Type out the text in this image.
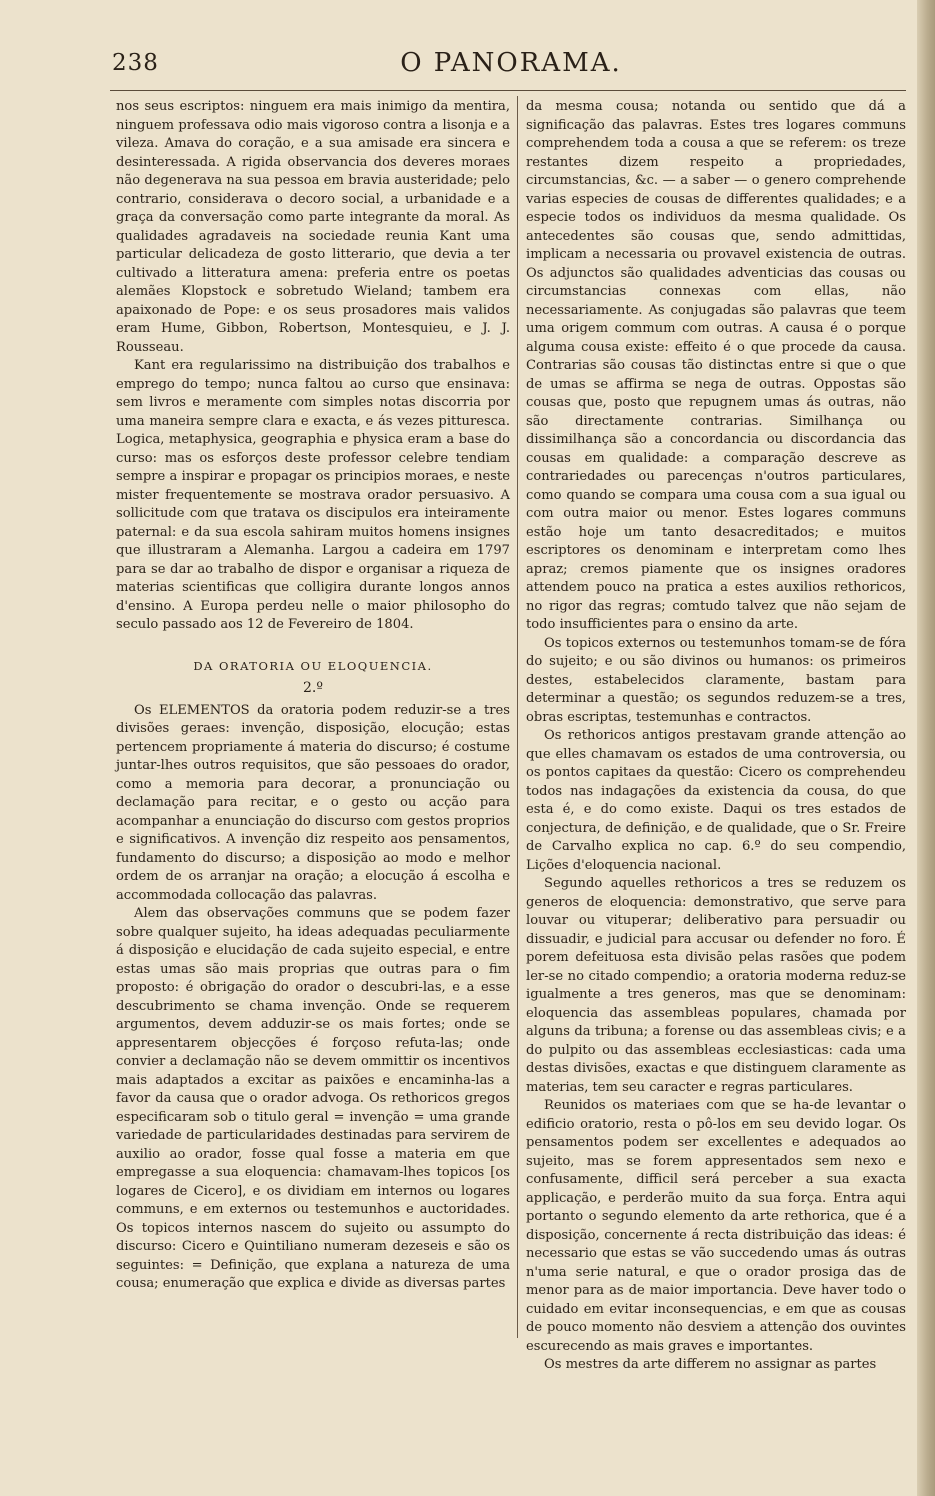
238	O PANORAMA.

nos seus escriptos: ninguem era mais inimigo da mentira, ninguem professava odio mais vigoroso contra a lisonja e a vileza. Amava do coração, e a sua amisade era sincera e desinteressada. A rigida observancia dos deveres moraes não degenerava na sua pessoa em bravia austeridade; pelo contrario, considerava o decoro social, a urbanidade e a graça da conversação como parte integrante da moral. As qualidades agradaveis na sociedade reunia Kant uma particular delicadeza de gosto litterario, que devia a ter cultivado a litteratura amena: preferia entre os poetas alemães Klopstock e sobretudo Wieland; tambem era apaixonado de Pope: e os seus prosadores mais validos eram Hume, Gibbon, Robertson, Montesquieu, e J. J. Rousseau.

Kant era regularissimo na distribuição dos trabalhos e emprego do tempo; nunca faltou ao curso que ensinava: sem livros e meramente com simples notas discorria por uma maneira sempre clara e exacta, e ás vezes pitturesca. Logica, metaphysica, geographia e physica eram a base do curso: mas os esforços deste professor celebre tendiam sempre a inspirar e propagar os principios moraes, e neste mister frequentemente se mostrava orador persuasivo. A sollicitude com que tratava os discipulos era inteiramente paternal: e da sua escola sahiram muitos homens insignes que illustraram a Alemanha. Largou a cadeira em 1797 para se dar ao trabalho de dispor e organisar a riqueza de materias scientificas que colligira durante longos annos d'ensino. A Europa perdeu nelle o maior philosopho do seculo passado aos 12 de Fevereiro de 1804.

DA ORATORIA OU ELOQUENCIA.
2.º

Os ELEMENTOS da oratoria podem reduzir-se a tres divisões geraes: invenção, disposição, elocução; estas pertencem propriamente á materia do discurso; é costume juntar-lhes outros requisitos, que são pessoaes do orador, como a memoria para decorar, a pronunciação ou declamação para recitar, e o gesto ou acção para acompanhar a enunciação do discurso com gestos proprios e significativos. A invenção diz respeito aos pensamentos, fundamento do discurso; a disposição ao modo e melhor ordem de os arranjar na oração; a elocução á escolha e accommodada collocação das palavras.

Alem das observações communs que se podem fazer sobre qualquer sujeito, ha ideas adequadas peculiarmente á disposição e elucidação de cada sujeito especial, e entre estas umas são mais proprias que outras para o fim proposto: é obrigação do orador o descubri-las, e a esse descubrimento se chama invenção. Onde se requerem argumentos, devem adduzir-se os mais fortes; onde se appresentarem objecções é forçoso refuta-las; onde convier a declamação não se devem ommittir os incentivos mais adaptados a excitar as paixões e encaminha-las a favor da causa que o orador advoga. Os rethoricos gregos especificaram sob o titulo geral = invenção = uma grande variedade de particularidades destinadas para servirem de auxilio ao orador, fosse qual fosse a materia em que empregasse a sua eloquencia: chamavam-lhes topicos [os logares de Cicero], e os dividiam em internos ou logares communs, e em externos ou testemunhos e auctoridades. Os topicos internos nascem do sujeito ou assumpto do discurso: Cicero e Quintiliano numeram dezeseis e são os seguintes: = Definição, que explana a natureza de uma cousa; enumeração que explica e divide as diversas partes

da mesma cousa; notanda ou sentido que dá a significação das palavras. Estes tres logares communs comprehendem toda a cousa a que se referem: os treze restantes dizem respeito a propriedades, circumstancias, &c. — a saber — o genero comprehende varias especies de cousas de differentes qualidades; e a especie todos os individuos da mesma qualidade. Os antecedentes são cousas que, sendo admittidas, implicam a necessaria ou provavel existencia de outras. Os adjunctos são qualidades adventicias das cousas ou circumstancias connexas com ellas, não necessariamente. As conjugadas são palavras que teem uma origem commum com outras. A causa é o porque alguma cousa existe: effeito é o que procede da causa. Contrarias são cousas tão distinctas entre si que o que de umas se affirma se nega de outras. Oppostas são cousas que, posto que repugnem umas ás outras, não são directamente contrarias. Similhança ou dissimilhança são a concordancia ou discordancia das cousas em qualidade: a comparação descreve as contrariedades ou parecenças n'outros particulares, como quando se compara uma cousa com a sua igual ou com outra maior ou menor. Estes logares communs estão hoje um tanto desacreditados; e muitos escriptores os denominam e interpretam como lhes apraz; cremos piamente que os insignes oradores attendem pouco na pratica a estes auxilios rethoricos, no rigor das regras; comtudo talvez que não sejam de todo insufficientes para o ensino da arte.

Os topicos externos ou testemunhos tomam-se de fóra do sujeito; e ou são divinos ou humanos: os primeiros destes, estabelecidos claramente, bastam para determinar a questão; os segundos reduzem-se a tres, obras escriptas, testemunhas e contractos.

Os rethoricos antigos prestavam grande attenção ao que elles chamavam os estados de uma controversia, ou os pontos capitaes da questão: Cicero os comprehendeu todos nas indagações da existencia da cousa, do que esta é, e do como existe. Daqui os tres estados de conjectura, de definição, e de qualidade, que o Sr. Freire de Carvalho explica no cap. 6.º do seu compendio, Lições d'eloquencia nacional.

Segundo aquelles rethoricos a tres se reduzem os generos de eloquencia: demonstrativo, que serve para louvar ou vituperar; deliberativo para persuadir ou dissuadir, e judicial para accusar ou defender no foro. É porem defeituosa esta divisão pelas rasões que podem ler-se no citado compendio; a oratoria moderna reduz-se igualmente a tres generos, mas que se denominam: eloquencia das assembleas populares, chamada por alguns da tribuna; a forense ou das assembleas civis; e a do pulpito ou das assembleas ecclesiasticas: cada uma destas divisões, exactas e que distinguem claramente as materias, tem seu caracter e regras particulares.

Reunidos os materiaes com que se ha-de levantar o edificio oratorio, resta o pô-los em seu devido logar. Os pensamentos podem ser excellentes e adequados ao sujeito, mas se forem appresentados sem nexo e confusamente, difficil será perceber a sua exacta applicação, e perderão muito da sua força. Entra aqui portanto o segundo elemento da arte rethorica, que é a disposição, concernente á recta distribuição das ideas: é necessario que estas se vão succedendo umas ás outras n'uma serie natural, e que o orador prosiga das de menor para as de maior importancia. Deve haver todo o cuidado em evitar inconsequencias, e em que as cousas de pouco momento não desviem a attenção dos ouvintes escurecendo as mais graves e importantes.

Os mestres da arte differem no assignar as partes
